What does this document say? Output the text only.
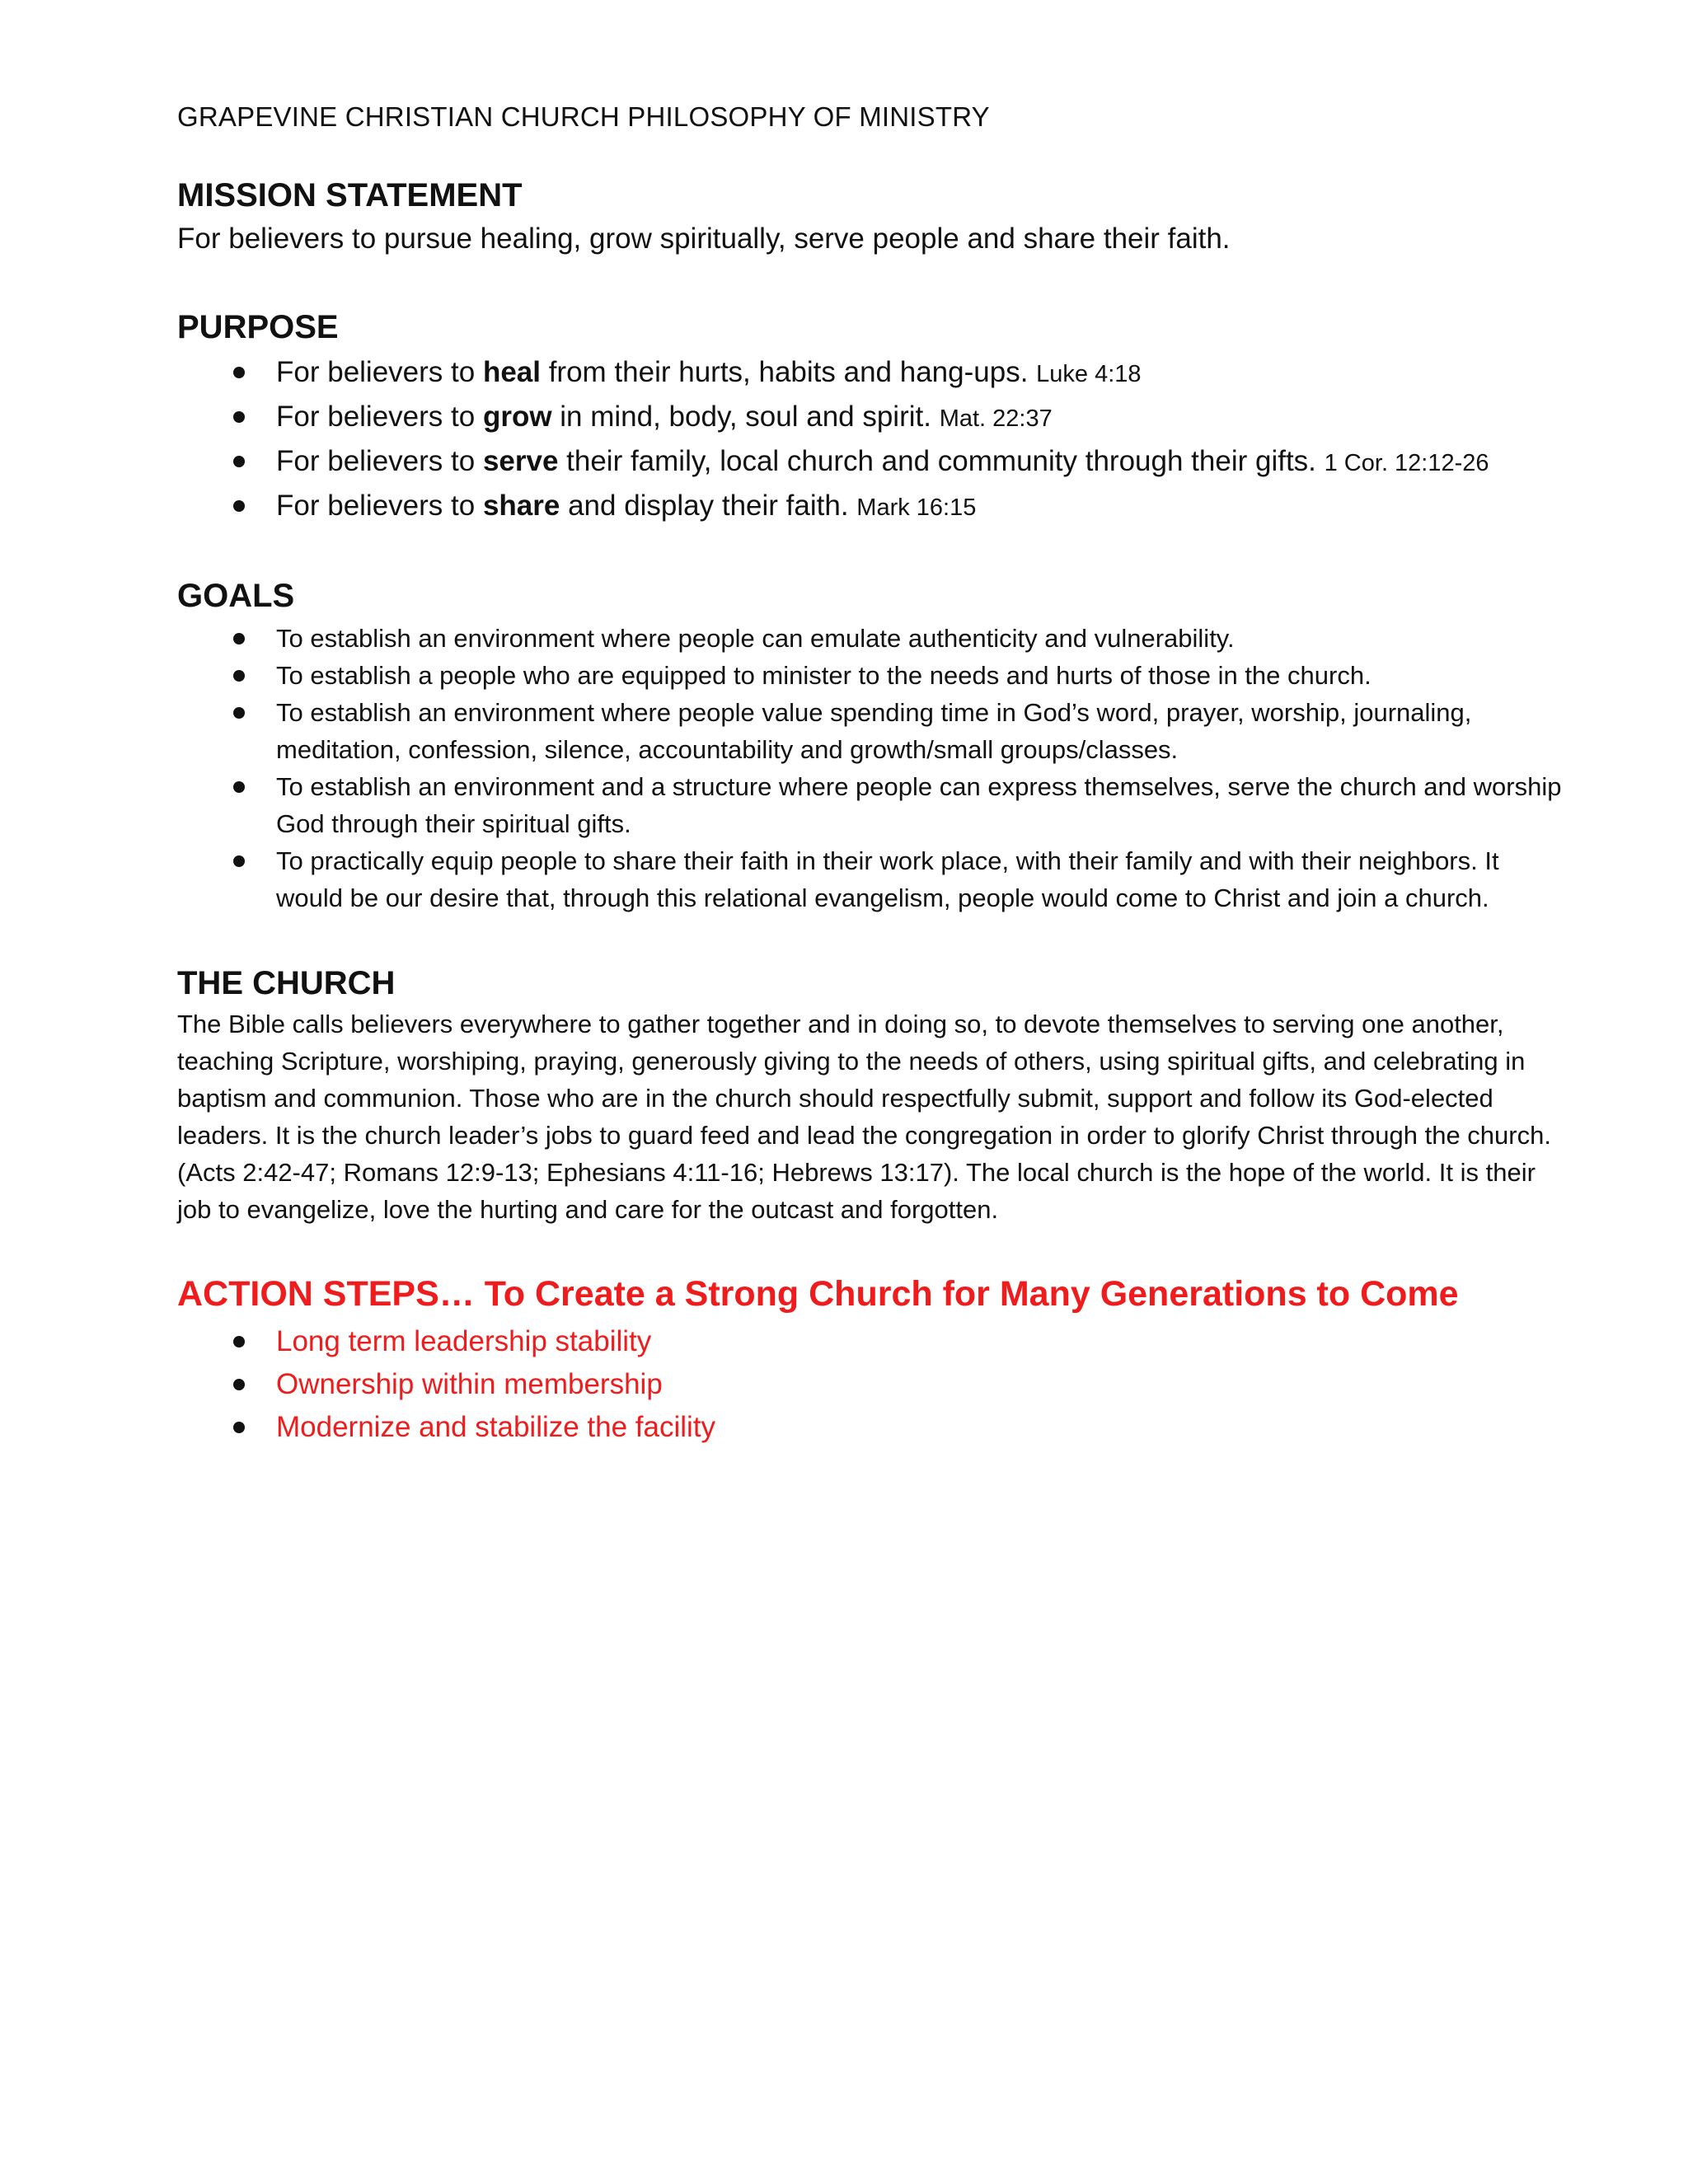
GRAPEVINE CHRISTIAN CHURCH PHILOSOPHY OF MINISTRY

MISSION STATEMENT

For believers to pursue healing, grow spiritually, serve people and share their faith.

PURPOSE
For believers to heal from their hurts, habits and hang-ups. Luke 4:18
For believers to grow in mind, body, soul and spirit. Mat. 22:37
For believers to serve their family, local church and community through their gifts. 1 Cor. 12:12-26
For believers to share and display their faith. Mark 16:15
GOALS
To establish an environment where people can emulate authenticity and vulnerability.
To establish a people who are equipped to minister to the needs and hurts of those in the church.
To establish an environment where people value spending time in God’s word, prayer, worship, journaling, meditation, confession, silence, accountability and growth/small groups/classes.
To establish an environment and a structure where people can express themselves, serve the church and worship God through their spiritual gifts.
To practically equip people to share their faith in their work place, with their family and with their neighbors. It would be our desire that, through this relational evangelism, people would come to Christ and join a church.
THE CHURCH

The Bible calls believers everywhere to gather together and in doing so, to devote themselves to serving one another, teaching Scripture, worshiping, praying, generously giving to the needs of others, using spiritual gifts, and celebrating in baptism and communion. Those who are in the church should respectfully submit, support and follow its God-elected leaders. It is the church leader’s jobs to guard feed and lead the congregation in order to glorify Christ through the church. (Acts 2:42-47; Romans 12:9-13; Ephesians 4:11-16; Hebrews 13:17). The local church is the hope of the world. It is their job to evangelize, love the hurting and care for the outcast and forgotten.

ACTION STEPS… To Create a Strong Church for Many Generations to Come
Long term leadership stability
Ownership within membership
Modernize and stabilize the facility
